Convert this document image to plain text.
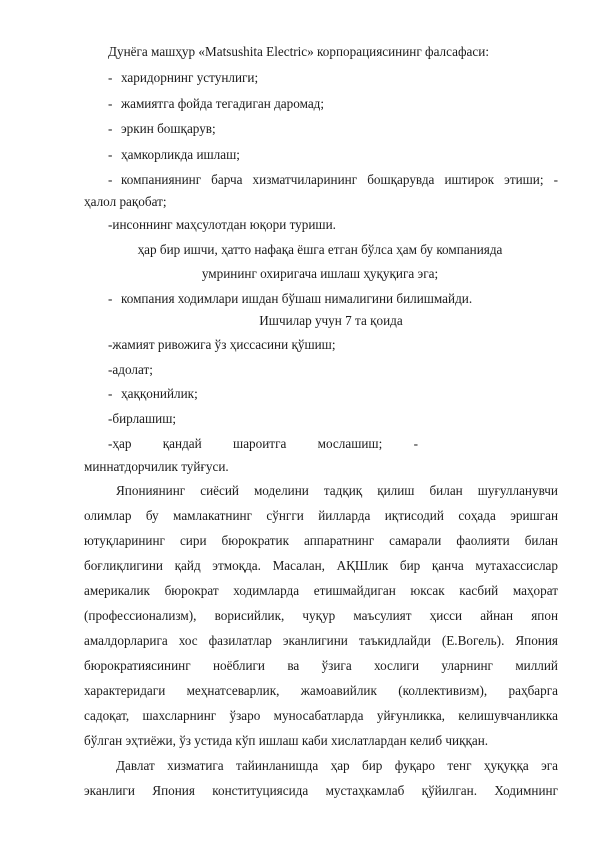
Дунёга машҳур «Matsushita Electric» корпорациясининг фалсафаси:
- харидорнинг устунлиги;
- жамиятга фойда тегадиган даромад;
- эркин бошқарув;
- ҳамкорликда ишлаш;
- компаниянинг барча хизматчиларининг бошқарувда иштирок этиши; -
ҳалол рақобат;
-инсоннинг маҳсулотдан юқори туриши.
ҳар бир ишчи, ҳатто нафақа ёшга етган бўлса ҳам бу компанияда
умрининг охиригача ишлаш ҳуқуқига эга;
- компания ходимлари ишдан бўшаш нималигини билишмайди.
Ишчилар учун 7 та қоида
-жамият ривожига ўз ҳиссасини қўшиш;
-адолат;
- ҳаққонийлик;
-бирлашиш;
-ҳар қандай шароитга мослашиш; -
миннатдорчилик туйғуси.
Япониянинг сиёсий моделини тадқиқ қилиш билан шуғулланувчи
олимлар бу мамлакатнинг сўнгги йилларда иқтисодий соҳада эришган
ютуқларининг сири бюрократик аппаратнинг самарали фаолияти билан
боғлиқлигини қайд этмоқда. Масалан, АҚШлик бир қанча мутахассислар
америкалик бюрократ ходимларда етишмайдиган юксак касбий маҳорат
(профессионализм), ворисийлик, чуқур маъсулият ҳисси айнан япон
амалдорларига хос фазилатлар эканлигини таъкидлайди (Е.Вогель). Япония
бюрократиясининг ноёблиги ва ўзига хослиги уларнинг миллий
характеридаги меҳнатсеварлик, жамоавийлик (коллективизм), раҳбарга
садоқат, шахсларнинг ўзаро муносабатларда уйғунликка, келишувчанликка
бўлган эҳтиёжи, ўз устида кўп ишлаш каби хислатлардан келиб чиққан.
Давлат хизматига тайинланишда ҳар бир фуқаро тенг ҳуқуққа эга
эканлиги Япония конституциясида мустаҳкамлаб қўйилган. Ходимнинг
